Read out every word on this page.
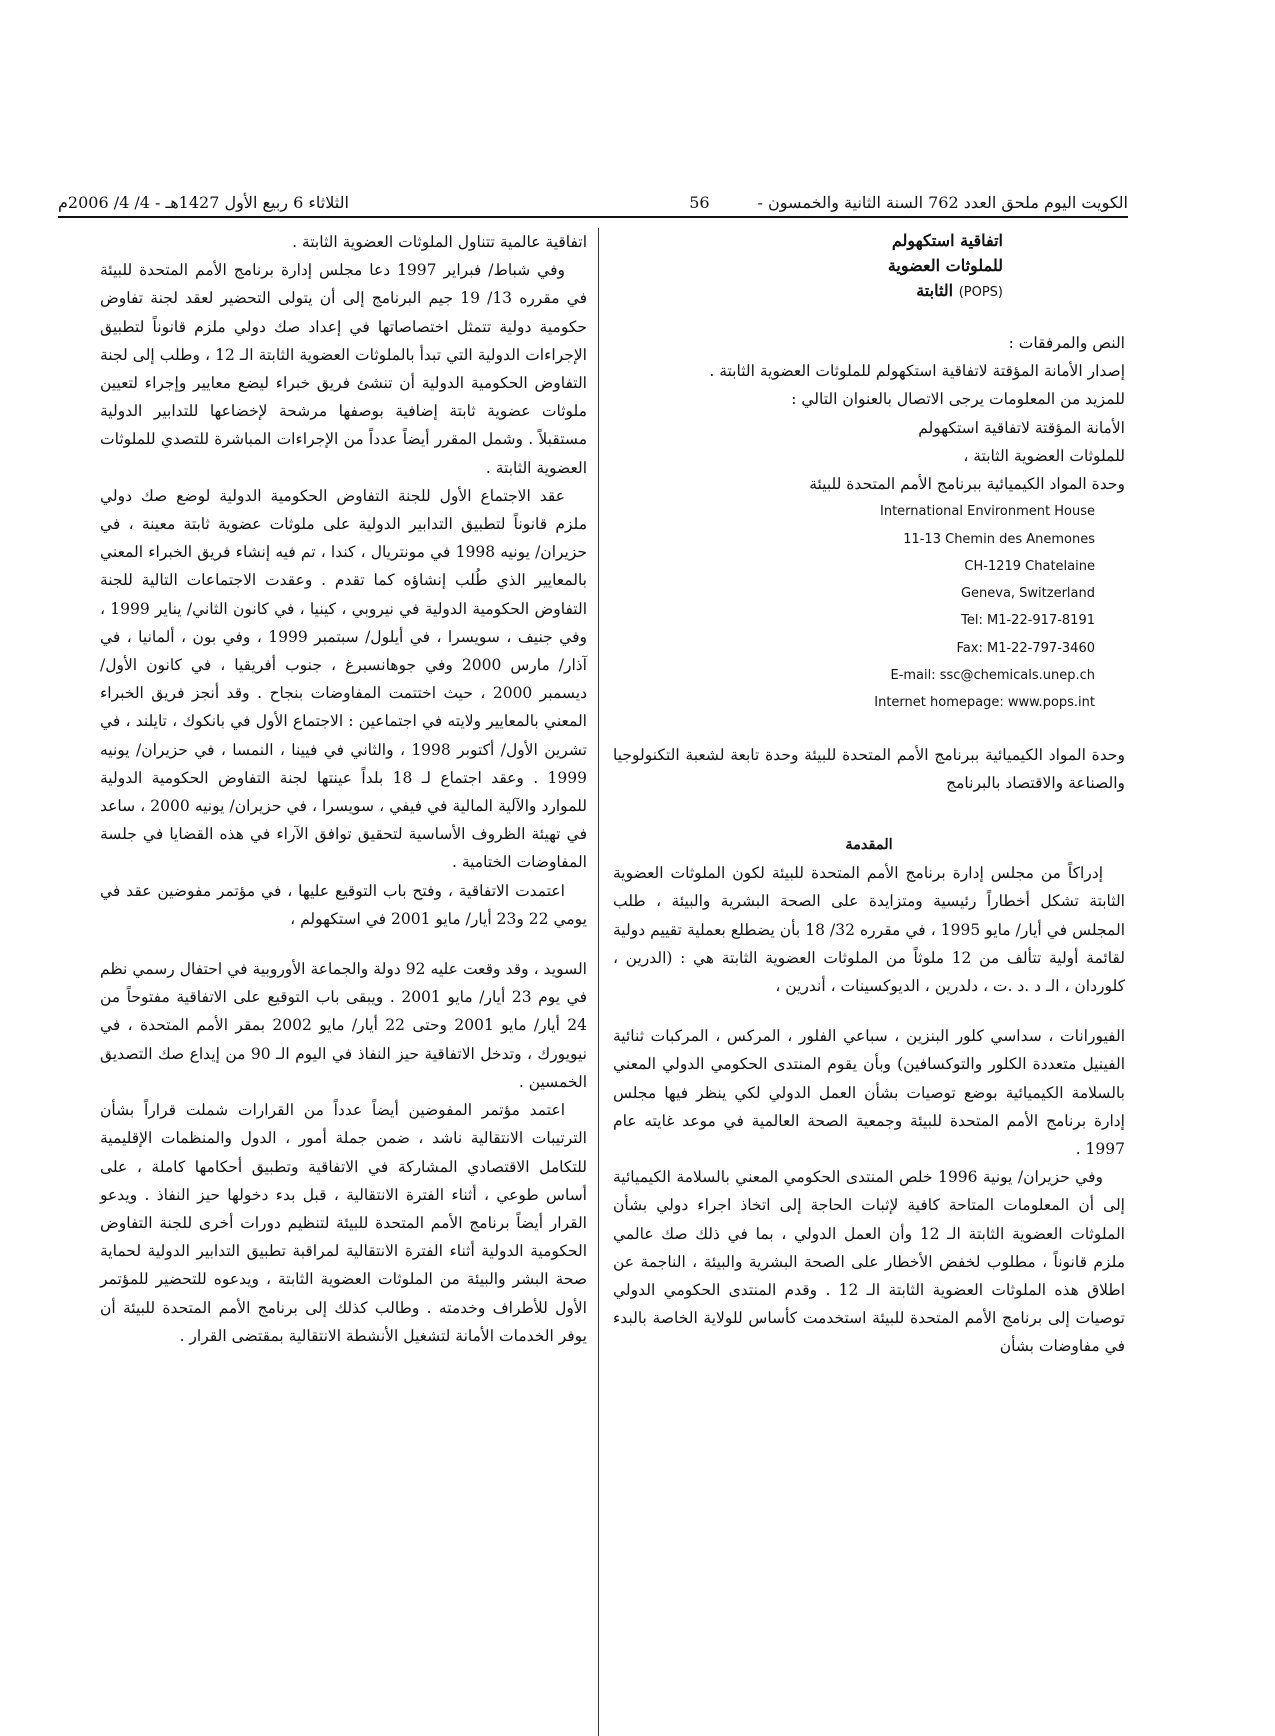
الكويت اليوم ملحق العدد 762 السنة الثانية والخمسون -
56
الثلاثاء 6 ربيع الأول 1427هـ - 4/ 4/ 2006م
اتفاقية استكهولم
للملوثات العضوية
(POPS) الثابتة

النص والمرفقات :

إصدار الأمانة المؤقتة لاتفاقية استكهولم للملوثات العضوية الثابتة .

للمزيد من المعلومات يرجى الاتصال بالعنوان التالي :

الأمانة المؤقتة لاتفاقية استكهولم

للملوثات العضوية الثابتة ،

وحدة المواد الكيميائية ببرنامج الأمم المتحدة للبيئة

International Environment House
11-13 Chemin des Anemones
CH-1219 Chatelaine
Geneva, Switzerland
Tel: M1-22-917-8191
Fax: M1-22-797-3460
E-mail: ssc@chemicals.unep.ch
Internet homepage: www.pops.int

وحدة المواد الكيميائية ببرنامج الأمم المتحدة للبيئة وحدة تابعة لشعبة التكنولوجيا والصناعة والاقتصاد بالبرنامج

المقدمة

إدراكاً من مجلس إدارة برنامج الأمم المتحدة للبيئة لكون الملوثات العضوية الثابتة تشكل أخطاراً رئيسية ومتزايدة على الصحة البشرية والبيئة ، طلب المجلس في أيار/ مايو 1995 ، في مقرره 32/ 18 بأن يضطلع بعملية تقييم دولية لقائمة أولية تتألف من 12 ملوثاً من الملوثات العضوية الثابتة هي : (الدرين ، كلوردان ، الـ د .د .ت ، دلدرين ، الديوكسينات ، أندرين ،

الفيورانات ، سداسي كلور البنزين ، سباعي الفلور ، المركس ، المركبات ثنائية الفينيل متعددة الكلور والتوكسافين) وبأن يقوم المنتدى الحكومي الدولي المعني بالسلامة الكيميائية بوضع توصيات بشأن العمل الدولي لكي ينظر فيها مجلس إدارة برنامج الأمم المتحدة للبيئة وجمعية الصحة العالمية في موعد غايته عام 1997 .

وفي حزيران/ يونية 1996 خلص المنتدى الحكومي المعني بالسلامة الكيميائية إلى أن المعلومات المتاحة كافية لإثبات الحاجة إلى اتخاذ اجراء دولي بشأن الملوثات العضوية الثابتة الـ 12 وأن العمل الدولي ، بما في ذلك صك عالمي ملزم قانوناً ، مطلوب لخفض الأخطار على الصحة البشرية والبيئة ، الناجمة عن اطلاق هذه الملوثات العضوية الثابتة الـ 12 . وقدم المنتدى الحكومي الدولي توصيات إلى برنامج الأمم المتحدة للبيئة استخدمت كأساس للولاية الخاصة بالبدء في مفاوضات بشأن

اتفاقية عالمية تتناول الملوثات العضوية الثابتة .

وفي شباط/ فبراير 1997 دعا مجلس إدارة برنامج الأمم المتحدة للبيئة في مقرره 13/ 19 جيم البرنامج إلى أن يتولى التحضير لعقد لجنة تفاوض حكومية دولية تتمثل اختصاصاتها في إعداد صك دولي ملزم قانوناً لتطبيق الإجراءات الدولية التي تبدأ بالملوثات العضوية الثابتة الـ 12 ، وطلب إلى لجنة التفاوض الحكومية الدولية أن تنشئ فريق خبراء ليضع معايير وإجراء لتعيين ملوثات عضوية ثابتة إضافية بوصفها مرشحة لإخضاعها للتدابير الدولية مستقبلاً . وشمل المقرر أيضاً عدداً من الإجراءات المباشرة للتصدي للملوثات العضوية الثابتة .

عقد الاجتماع الأول للجنة التفاوض الحكومية الدولية لوضع صك دولي ملزم قانوناً لتطبيق التدابير الدولية على ملوثات عضوية ثابتة معينة ، في حزيران/ يونيه 1998 في مونتريال ، كندا ، تم فيه إنشاء فريق الخبراء المعني بالمعايير الذي طُلب إنشاؤه كما تقدم . وعقدت الاجتماعات التالية للجنة التفاوض الحكومية الدولية في نيروبي ، كينيا ، في كانون الثاني/ يناير 1999 ، وفي جنيف ، سويسرا ، في أيلول/ سبتمبر 1999 ، وفي بون ، ألمانيا ، في آذار/ مارس 2000 وفي جوهانسبرغ ، جنوب أفريقيا ، في كانون الأول/ ديسمبر 2000 ، حيث اختتمت المفاوضات بنجاح . وقد أنجز فريق الخبراء المعني بالمعايير ولايته في اجتماعين : الاجتماع الأول في بانكوك ، تايلند ، في تشرين الأول/ أكتوبر 1998 ، والثاني في فيينا ، النمسا ، في حزيران/ يونيه 1999 . وعقد اجتماع لـ 18 بلداً عينتها لجنة التفاوض الحكومية الدولية للموارد والآلية المالية في فيفي ، سويسرا ، في حزيران/ يونيه 2000 ، ساعد في تهيئة الظروف الأساسية لتحقيق توافق الآراء في هذه القضايا في جلسة المفاوضات الختامية .

اعتمدت الاتفاقية ، وفتح باب التوقيع عليها ، في مؤتمر مفوضين عقد في يومي 22 و23 أيار/ مايو 2001 في استكهولم ،

السويد ، وقد وقعت عليه 92 دولة والجماعة الأوروبية في احتفال رسمي نظم في يوم 23 أيار/ مايو 2001 . ويبقى باب التوقيع على الاتفاقية مفتوحاً من 24 أيار/ مايو 2001 وحتى 22 أيار/ مايو 2002 بمقر الأمم المتحدة ، في نيويورك ، وتدخل الاتفاقية حيز النفاذ في اليوم الـ 90 من إيداع صك التصديق الخمسين .

اعتمد مؤتمر المفوضين أيضاً عدداً من القرارات شملت قراراً بشأن الترتيبات الانتقالية ناشد ، ضمن جملة أمور ، الدول والمنظمات الإقليمية للتكامل الاقتصادي المشاركة في الاتفاقية وتطبيق أحكامها كاملة ، على أساس طوعي ، أثناء الفترة الانتقالية ، قبل بدء دخولها حيز النفاذ . ويدعو القرار أيضاً برنامج الأمم المتحدة للبيئة لتنظيم دورات أخرى للجنة التفاوض الحكومية الدولية أثناء الفترة الانتقالية لمراقبة تطبيق التدابير الدولية لحماية صحة البشر والبيئة من الملوثات العضوية الثابتة ، ويدعوه للتحضير للمؤتمر الأول للأطراف وخدمته . وطالب كذلك إلى برنامج الأمم المتحدة للبيئة أن يوفر الخدمات الأمانة لتشغيل الأنشطة الانتقالية بمقتضى القرار .
